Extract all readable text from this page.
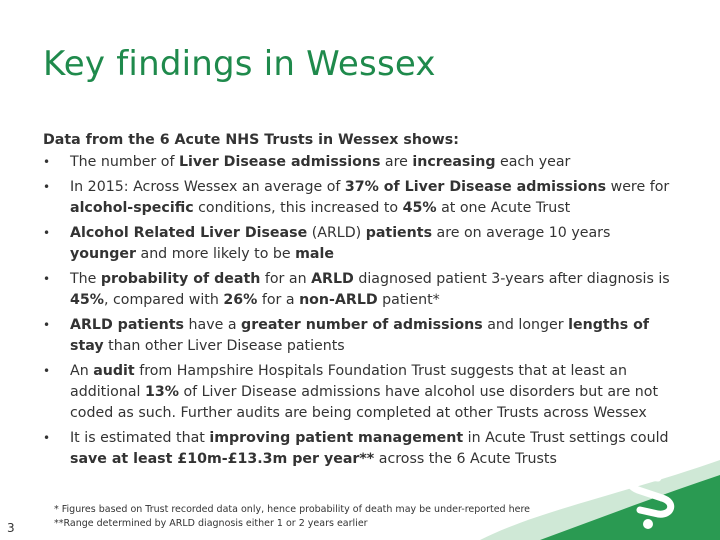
Key findings in Wessex

Data from the 6 Acute NHS Trusts in Wessex shows:

• The number of Liver Disease admissions are increasing each year
• In 2015: Across Wessex an average of 37% of Liver Disease admissions were for alcohol-specific conditions, this increased to 45% at one Acute Trust
• Alcohol Related Liver Disease (ARLD) patients are on average 10 years younger and more likely to be male
• The probability of death for an ARLD diagnosed patient 3-years after diagnosis is 45%, compared with 26% for a non-ARLD patient*
• ARLD patients have a greater number of admissions and longer lengths of stay than other Liver Disease patients
• An audit from Hampshire Hospitals Foundation Trust suggests that at least an additional 13% of Liver Disease admissions have alcohol use disorders but are not coded as such. Further audits are being completed at other Trusts across Wessex
• It is estimated that improving patient management in Acute Trust settings could save at least £10m-£13.3m per year** across the 6 Acute Trusts
* Figures based on Trust recorded data only, hence probability of death may be under-reported here
**Range determined by ARLD diagnosis either 1 or 2 years earlier
3
